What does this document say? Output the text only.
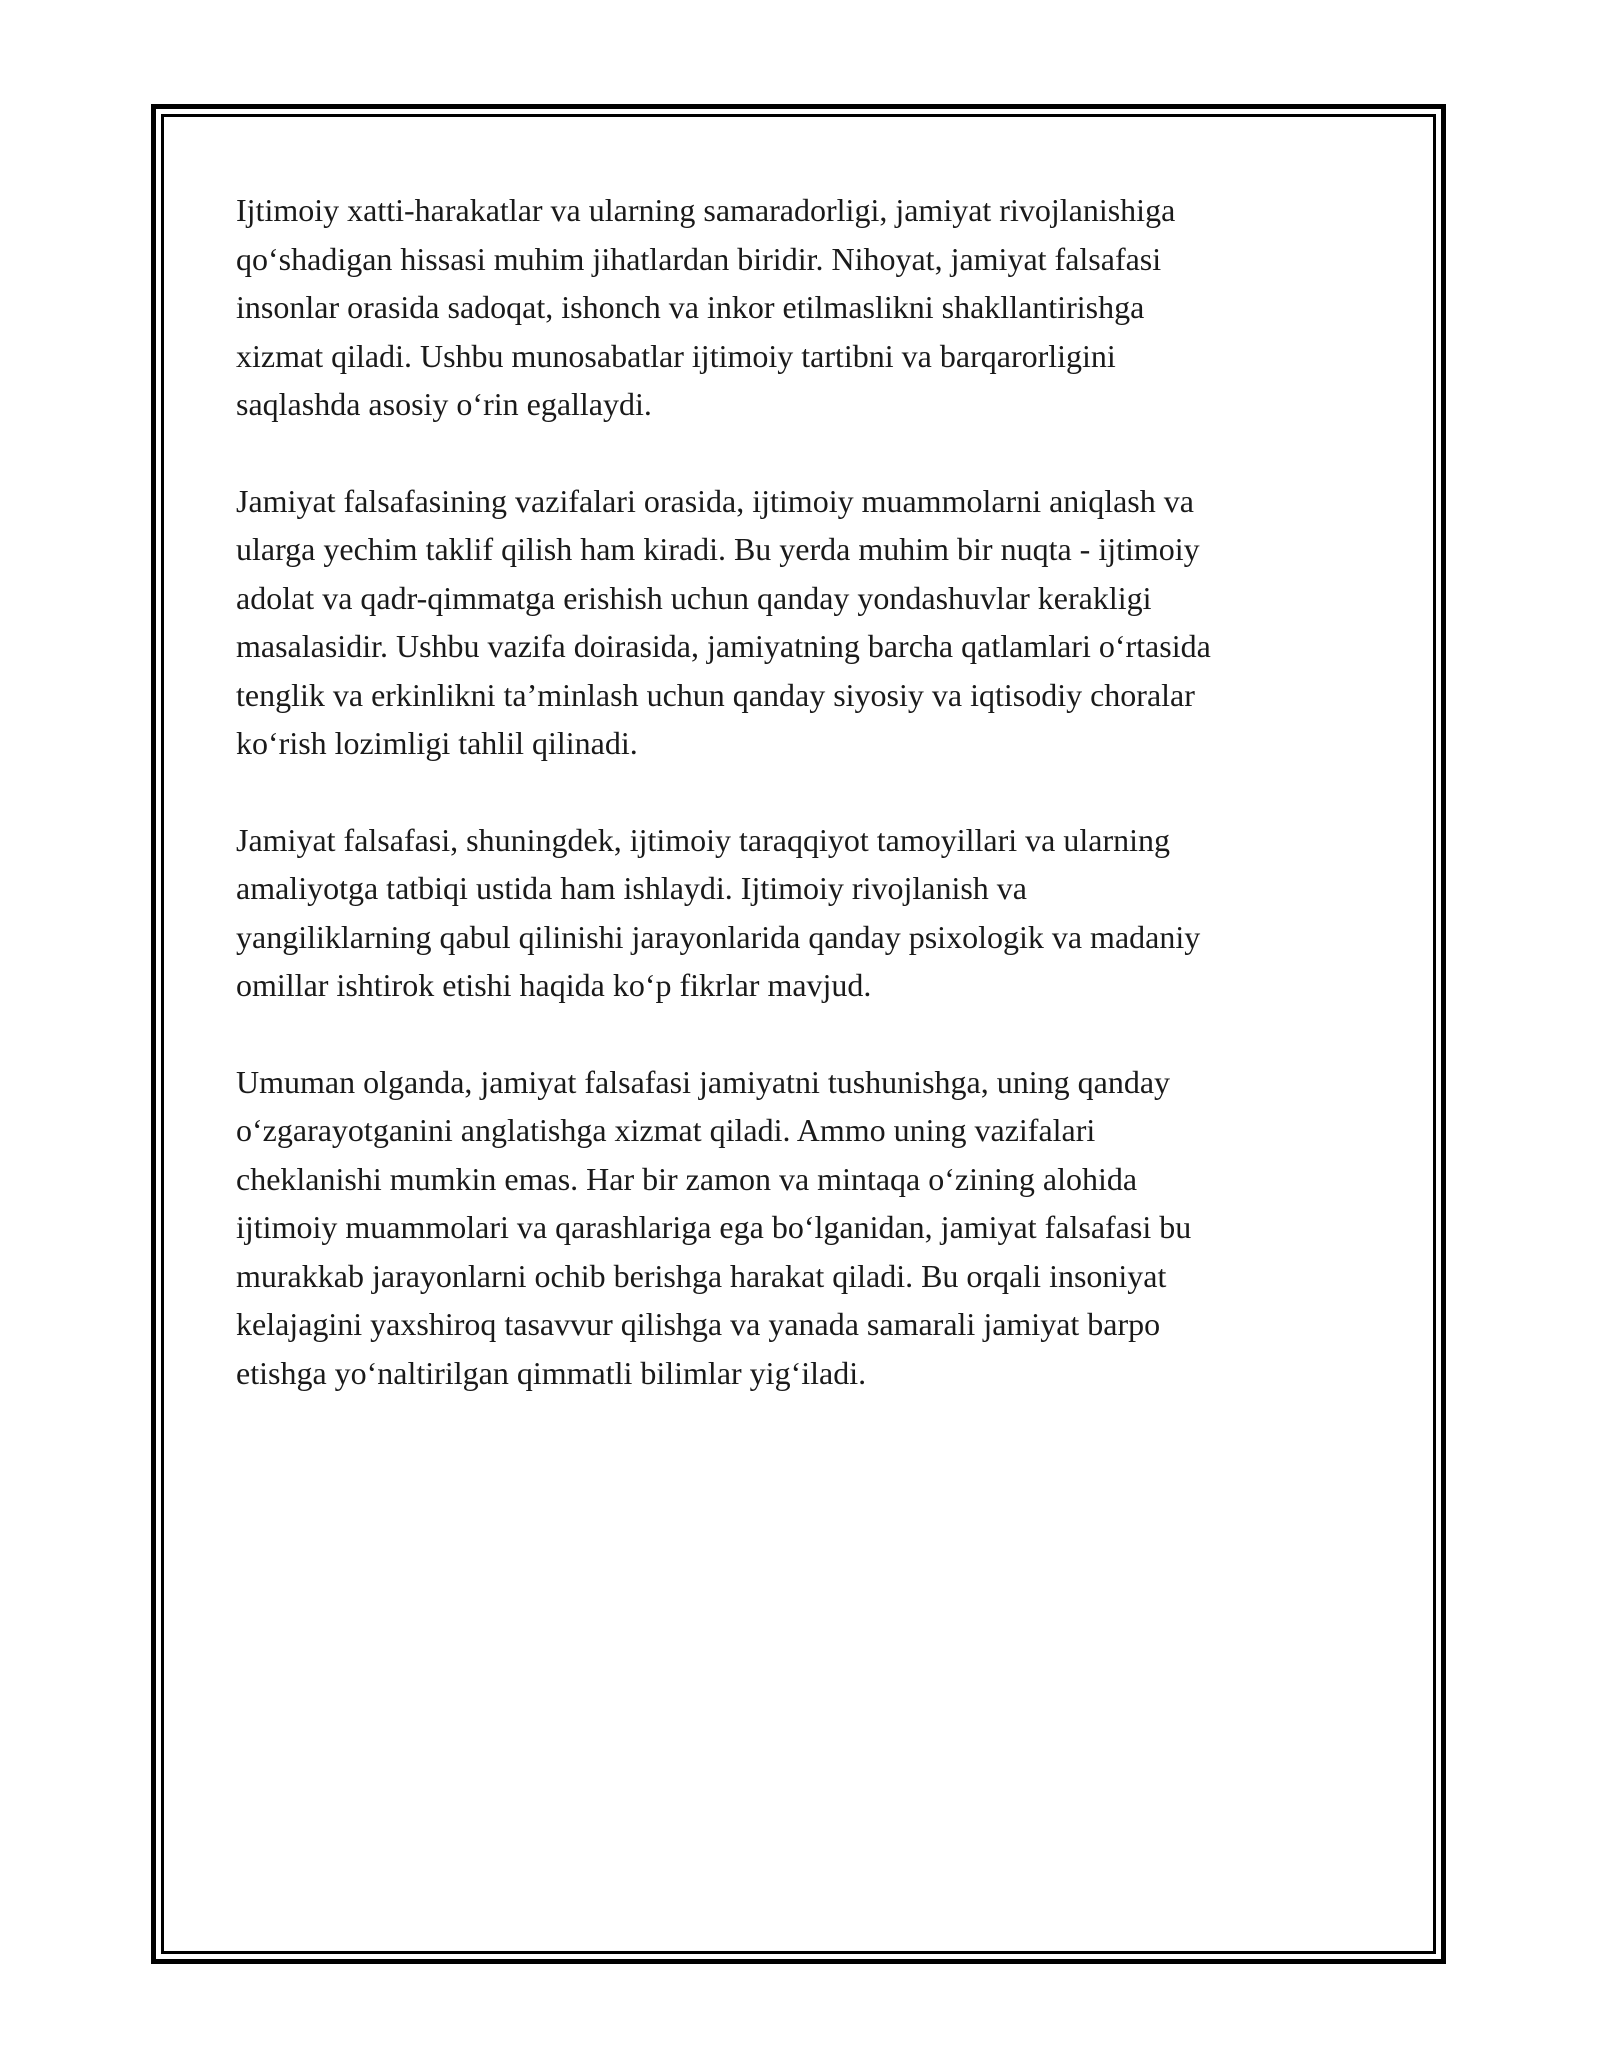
Ijtimoiy xatti-harakatlar va ularning samaradorligi, jamiyat rivojlanishiga
qo‘shadigan hissasi muhim jihatlardan biridir. Nihoyat, jamiyat falsafasi
insonlar orasida sadoqat, ishonch va inkor etilmaslikni shakllantirishga
xizmat qiladi. Ushbu munosabatlar ijtimoiy tartibni va barqarorligini
saqlashda asosiy o‘rin egallaydi.

Jamiyat falsafasining vazifalari orasida, ijtimoiy muammolarni aniqlash va
ularga yechim taklif qilish ham kiradi. Bu yerda muhim bir nuqta - ijtimoiy
adolat va qadr-qimmatga erishish uchun qanday yondashuvlar kerakligi
masalasidir. Ushbu vazifa doirasida, jamiyatning barcha qatlamlari o‘rtasida
tenglik va erkinlikni ta’minlash uchun qanday siyosiy va iqtisodiy choralar
ko‘rish lozimligi tahlil qilinadi.

Jamiyat falsafasi, shuningdek, ijtimoiy taraqqiyot tamoyillari va ularning
amaliyotga tatbiqi ustida ham ishlaydi. Ijtimoiy rivojlanish va
yangiliklarning qabul qilinishi jarayonlarida qanday psixologik va madaniy
omillar ishtirok etishi haqida ko‘p fikrlar mavjud.

Umuman olganda, jamiyat falsafasi jamiyatni tushunishga, uning qanday
o‘zgarayotganini anglatishga xizmat qiladi. Ammo uning vazifalari
cheklanishi mumkin emas. Har bir zamon va mintaqa o‘zining alohida
ijtimoiy muammolari va qarashlariga ega bo‘lganidan, jamiyat falsafasi bu
murakkab jarayonlarni ochib berishga harakat qiladi. Bu orqali insoniyat
kelajagini yaxshiroq tasavvur qilishga va yanada samarali jamiyat barpo
etishga yo‘naltirilgan qimmatli bilimlar yig‘iladi.
